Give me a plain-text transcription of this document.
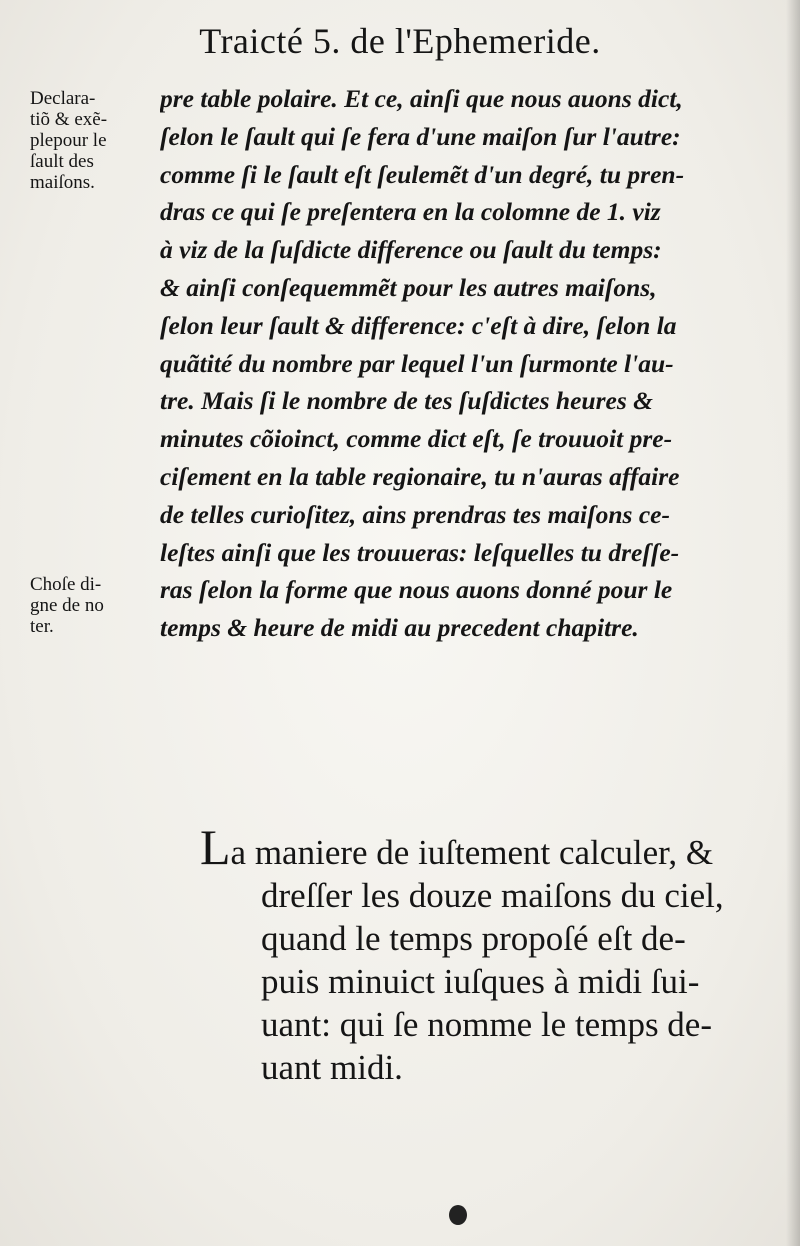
Traicté 5. de l'Ephemeride.
Declara-
tiõ & exẽ-
plepour le
ſault des
maiſons.
Choſe di-
gne de no
ter.
pre table polaire. Et ce, ainſi que nous auons dict,
ſelon le ſault qui ſe fera d'une maiſon ſur l'autre:
comme ſi le ſault eſt ſeulemẽt d'un degré, tu pren-
dras ce qui ſe preſentera en la colomne de 1. viz
à viz de la ſuſdicte difference ou ſault du temps:
& ainſi conſequemmẽt pour les autres maiſons,
ſelon leur ſault & difference: c'eſt à dire, ſelon la
quãtité du nombre par lequel l'un ſurmonte l'au-
tre. Mais ſi le nombre de tes ſuſdictes heures &
minutes cõioinct, comme dict eſt, ſe trouuoit pre-
ciſement en la table regionaire, tu n'auras affaire
de telles curioſitez, ains prendras tes maiſons ce-
leſtes ainſi que les trouueras: leſquelles tu dreſſe-
ras ſelon la forme que nous auons donné pour le
temps & heure de midi au precedent chapitre.
La maniere de iuſtement calculer, &
dreſſer les douze maiſons du ciel,
quand le temps propoſé eſt de-
puis minuict iuſques à midi ſui-
uant: qui ſe nomme le temps de-
uant midi.
